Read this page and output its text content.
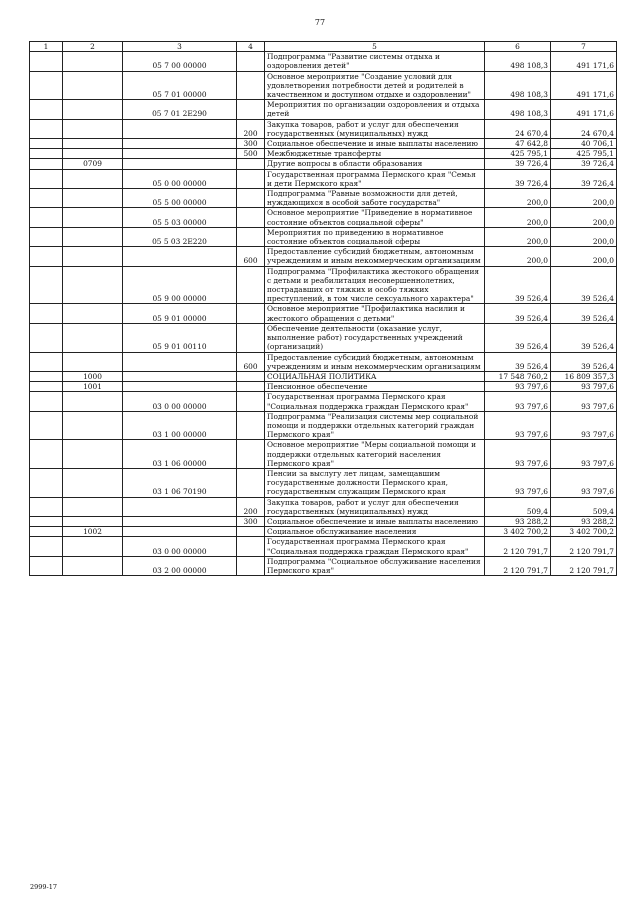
77
1	2	3	4	5	6	7
		05 7 00 00000		Подпрограмма "Развитие системы отдыха и оздоровления детей"	498 108,3	491 171,6
		05 7 01 00000		Основное мероприятие "Создание условий для удовлетворения потребности детей и родителей в качественном и доступном отдыхе и оздоровлении"	498 108,3	491 171,6
		05 7 01 2Е290		Мероприятия по организации оздоровления и отдыха детей	498 108,3	491 171,6
			200	Закупка товаров, работ и услуг для обеспечения государственных (муниципальных) нужд	24 670,4	24 670,4
			300	Социальное обеспечение и иные выплаты населению	47 642,8	40 706,1
			500	Межбюджетные трансферты	425 795,1	425 795,1
	0709			Другие вопросы в области образования	39 726,4	39 726,4
		05 0 00 00000		Государственная программа Пермского края "Семья и дети Пермского края"	39 726,4	39 726,4
		05 5 00 00000		Подпрограмма "Равные возможности для детей, нуждающихся в особой заботе государства"	200,0	200,0
		05 5 03 00000		Основное мероприятие "Приведение в нормативное состояние объектов социальной сферы"	200,0	200,0
		05 5 03 2Е220		Мероприятия по приведению в нормативное состояние объектов социальной сферы	200,0	200,0
			600	Предоставление субсидий бюджетным, автономным учреждениям и иным некоммерческим организациям	200,0	200,0
		05 9 00 00000		Подпрограмма "Профилактика жестокого обращения с детьми и реабилитация несовершеннолетних, пострадавших от тяжких и особо тяжких преступлений, в том числе сексуального характера"	39 526,4	39 526,4
		05 9 01 00000		Основное мероприятие "Профилактика насилия и жестокого обращения с детьми"	39 526,4	39 526,4
		05 9 01 00110		Обеспечение деятельности (оказание услуг, выполнение работ) государственных учреждений (организаций)	39 526,4	39 526,4
			600	Предоставление субсидий бюджетным, автономным учреждениям и иным некоммерческим организациям	39 526,4	39 526,4
	1000			СОЦИАЛЬНАЯ ПОЛИТИКА	17 548 760,2	16 809 357,3
	1001			Пенсионное обеспечение	93 797,6	93 797,6
		03 0 00 00000		Государственная программа Пермского края "Социальная поддержка граждан Пермского края"	93 797,6	93 797,6
		03 1 00 00000		Подпрограмма "Реализация системы мер социальной помощи и поддержки отдельных категорий граждан Пермского края"	93 797,6	93 797,6
		03 1 06 00000		Основное мероприятие "Меры социальной помощи и поддержки отдельных категорий населения Пермского края"	93 797,6	93 797,6
		03 1 06 70190		Пенсии за выслугу лет лицам, замещавшим государственные должности Пермского края, государственным служащим Пермского края	93 797,6	93 797,6
			200	Закупка товаров, работ и услуг для обеспечения государственных (муниципальных) нужд	509,4	509,4
			300	Социальное обеспечение и иные выплаты населению	93 288,2	93 288,2
	1002			Социальное обслуживание населения	3 402 700,2	3 402 700,2
		03 0 00 00000		Государственная программа Пермского края "Социальная поддержка граждан Пермского края"	2 120 791,7	2 120 791,7
		03 2 00 00000		Подпрограмма "Социальное обслуживание населения Пермского края"	2 120 791,7	2 120 791,7
2999-17
